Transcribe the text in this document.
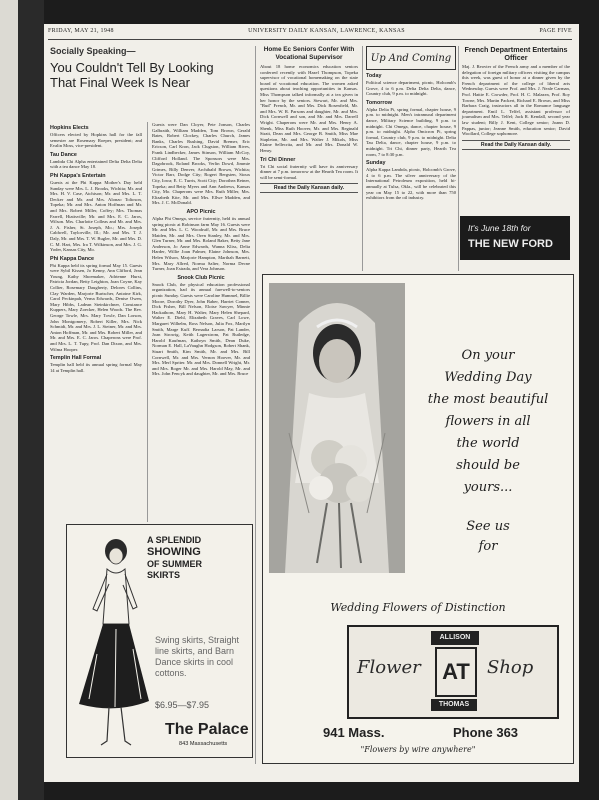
FRIDAY, MAY 21, 1948	UNIVERSITY DAILY KANSAN, LAWRENCE, KANSAS	PAGE FIVE
Socially Speaking—
You Couldn't Tell By Looking That Final Week Is Near
Hopkins Elects
Officers elected by Hopkins hall for the fall semester are Rosemary Roeper, president; and Evalin Moss, vice-president.
Tau Dance
Lambda Chi Alpha entertained Delta Delta Delta with a tea dance May 18.
Phi Kappa's Entertain
Guests at the Phi Kappa Mother's Day held Sunday were Mrs. L. J. Brooks, Wichita; Mr. and Mrs. H. V. Case, Atchison; Mr. and Mrs. L. T. Decker and Mr. and Mrs. Alonzo Toltoson, Topeka; Mr. and Mrs. Anton Hoffman and Mr. and Mrs. Robert Miller, Coffey; Mrs. Thomas Farrell, Hiattsville; Mr. and Mrs. E. C. Jaros, Wilson. Mrs. Charlotte Colleas and Mr. and Mrs. J. A. Fisher, St. Joseph, Mo.; Mrs. Joseph Caldwell, Taylorville, Ill.; Mr. and Mrs. T. J. Daly, Mr. and Mrs. T. W. Bugler, Mr. and Mrs. D. C. M. Hart, Mrs. Ira T. Wilkinson, and Mrs. J. G. Yoder, Kansas City, Mo.
Phi Kappa Dance
Phi Kappa held its spring formal May 15. Guests were Sybil Kissen, Jo Kenny, Ann Clifford, Jean Young, Kathy Shoemaker, Adrienne Hurst, Patricia Jordan, Betty Leighton, Joan Coyne, Kay Collier, Rosemary Daugherty, Delores Collins, Clay Warden, Marjorie Burtscher, Antoine Kirk, Carol Peckinpah, Verna Edwards, Denise Owen, Mary Hibbs, Ladean Steinkirchner, Constance Kuppers, Mary Zoecker, Helen Woods. The Rev. George Towle, Mrs. Mary Towle, Dan Lorson, John Montgomery, Robert Killer, Mrs. Nick Schmidt, Mr. and Mrs. J. L. Steiner, Mr. and Mrs. Anton Hoffman, Mr. and Mrs. Robert Miller, and Mr. and Mrs. E. C. Jaros. Chaperons were Prof. and Mrs. L. T. Tupy, Prof. Dan Dixon, and Mrs. Wilma Hooper.
Templin Hall Formal
Templin hall held its annual spring formal May 14 at Templin hall.
Guests were Dan Cloyer, Pete Jonson, Charles Galbraith, William Madden, Tom Brown, Gerald Bates, Robert Clockey, Charles Church, James Banks, Charles Rushing, David Bremer, Eric Ericson, Carl Kron, Jack Clugston, William Rives, Frank Lindbecker, James Stinson, William McCoy, Clifford Holland. The Sponsors were Mrs. Dagobrook, Roland Brooks, Verlin Dowd, Jimmie Grimes, Billy Denver, Archibald Brown, Wichita; Victor Barr, Dodge City; Rogert Bergsten, Sioux City, Iowa; E. C. Turris, Scott City; Dorothea Reiner, Topeka; and Betty Myers and Ann Andrews, Kansas City, Mo. Chaperons were Mrs. Ruth Miller, Mrs. Elizabeth Kite, Mr. and Mrs. Ellwe Madden, and Mrs. J. C. McDonald.
APO Picnic
Alpha Phi Omega, service fraternity, held its annual spring picnic at Robinson farm May 16. Guests were Mr. and Mrs. L. C. Woodruff, Mr. and Mrs. Bruce Maiden, Mr. and Mrs. Oren Stanley, Mr. and Mrs. Glen Turner, Mr. and Mrs. Roland Baker, Betty Jane Anderson, Jo Anne Edwards, Wanna Kliss, Delia Harder, Willie Joan Palmer, Elaine Johnson, Mrs. Helen Wilson, Marjorie Hampton, Marthah Barnett, Mrs. Mary Allred, Norma Salter, Norma Decne Turner, Joan Estrada, and Vera Johnson.
Snook Club Picnic
Snook Club, the physical education professional organization, had its annual farewell-to-seniors picnic Sunday. Guests were Caroline Hummel, Billie Moore, Dorothy Dyer, John Baber, Harriet Conner, Dick Fisher, Bill Nelson, Eloise Sawyer, Minnie Hackathorn, Mary H. Walter, Mary Helen Shepard, Walter E. Diehl, Elizabeth Graves, Carl Lowe, Margaret Wilhelm, Ross Nelson, Julia Fox, Marilyn Smith, Marge Kuff. Bernadia Larson, Pat Lander, Joan Strowig, Keith Lagerstrom, Pat Rutledge, Harold Kaufman, Kathryn Smith, Dean Duke, Norman E. Hall, LaVaughn Hodgson, Robert Shank, Stuart Smith, Kim Smith, Mr. and Mrs. Bill Cornwell, Mr. and Mrs. Vernon Hoover, Mr. and Mrs. Merl Spriter. Mr. and Mrs. Donnell Wright, Mr. and Mrs. Roger Mr. and Mrs. Harold May, Mr. and Mrs. John Fencyk and daughter, Mr. and Mrs. Bruce
Home Ec Seniors Confer With Vocational Supervisor
About 18 home economics education seniors conferred recently with Hazel Thompson, Topeka supervisor of vocational homemaking on the state board of vocational education. The women asked questions about teaching opportunities in Kansas. Miss Thompson talked informally at a tea given in her honor by the seniors. Stewart, Mr. and Mrs. "Bud" French, Mr. and Mrs. Dick Rosenfield, Mr. and Mrs. W. R. Parsons and daughter, Mr. and Mrs. Dick Cornwell and son, and Mr. and Mrs. Darrell Wright. Chaperons were Mr. and Mrs. Henry A. Shenk, Miss Ruth Hoover, Mr. and Mrs. Reginald Strait, Dean and Mrs. George B. Smith, Miss Mae Stapleton, Mr. and Mrs. Walter J. Mikols, Miss Elaine Sellecrita, and Mr. and Mrs. Donald W. Henry.
Tri Chi Dinner
Tri Chi social fraternity will have its anniversary dinner at 7 p.m. tomorrow at the Hearth Tea room. It will be semi-formal.
Read the Daily Kansan daily.
Up And Coming
Today
Political science department, picnic, Holcomb's Grove, 4 to 6 p.m. Delta Delta Delta, dance, Country club, 9 p.m. to midnight.
Tomorrow
Alpha Delta Pi, spring formal, chapter house, 9 p.m. to midnight. Men's intramural department dance, Military Science building, 9 p.m. to midnight. Chi Omega, dance, chapter house, 9 p.m. to midnight. Alpha Omicron Pi, spring formal, Country club, 9 p.m. to midnight. Delta Tau Delta, dance, chapter house, 9 p.m. to midnight. Tri Chi, dinner party, Hearth Tea room, 7 to 8:30 p.m.
Sunday
Alpha Kappa Lambda, picnic, Holcomb's Grove, 4 to 6 p.m. The silver anniversary of the International Petroleum exposition, held bi-annually at Tulsa, Okla., will be celebrated this year on May 15 to 22, with more than 750 exhibitors from the oil industry.
French Department Entertains Officer
Maj. J. Reovier of the French army and a member of the delegation of foreign military officers visiting the campus this week, was guest of honor at a dinner given by the French department of the college of liberal arts Wednesday. Guests were Prof. and Mrs. J. Neale Carman, Prof. Hattie E. Crowder, Prof. H. C. Malazea, Prof. Roy Towne, Mrs. Martin Packert, Richard E. Brown, and Miss Barbara Craig, instructors all in the Romance language department. Emil L. Telfel, assistant professor of journalism and Mrs. Telfel; Jack R. Kendall, second year law student; Billy J. Kent, College senior; Joann D. Pappas, junior; Jeanne Smith, education senior; David Woollard, College sophomore.
Read the Daily Kansan daily.
It's June 18th for
THE NEW FORD
A SPLENDID
SHOWING
OF SUMMER
SKIRTS
Swing skirts, Straight line skirts, and Barn Dance skirts in cool cottons.
$6.95—$7.95
The Palace
843 Massachusetts
On your
Wedding Day
the most beautiful
flowers in all
the world
should be
yours...
See us
for
Wedding Flowers of Distinction
ALLISON
Flower AT Shop
THOMAS
941 Mass.	Phone 363
"Flowers by wire anywhere"
